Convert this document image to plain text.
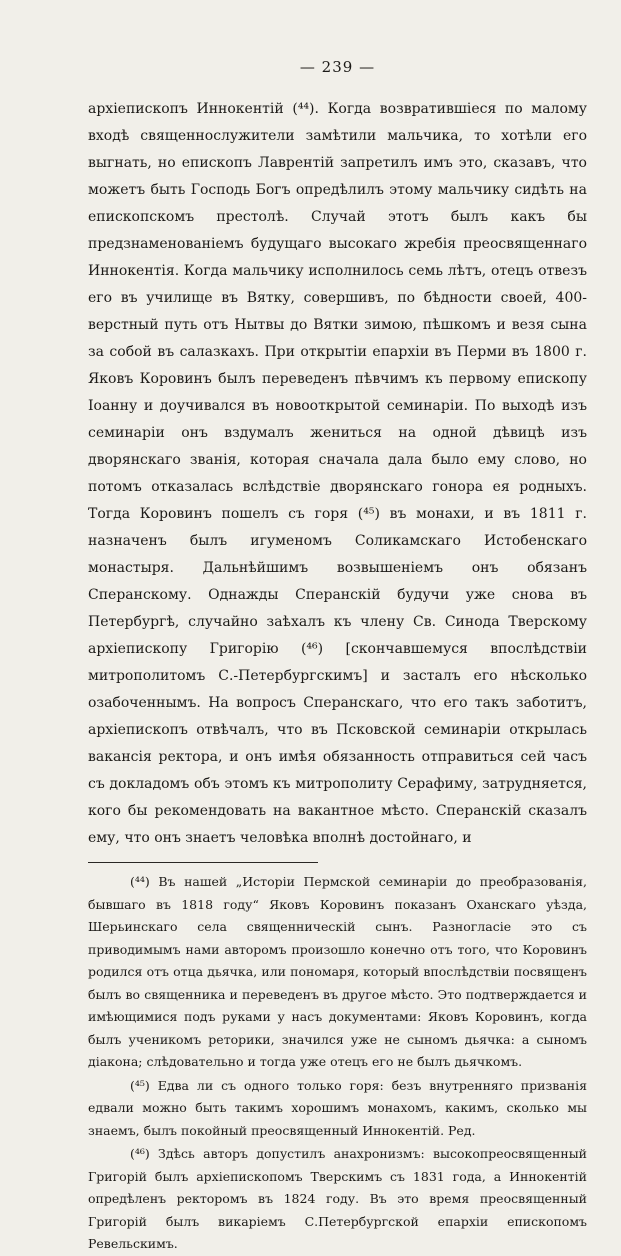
— 239 —

архіепископъ Иннокентій (⁴⁴). Когда возвратившіеся по малому входѣ священнослужители замѣтили мальчика, то хотѣли его выгнать, но епископъ Лаврентій запретилъ имъ это, сказавъ, что можетъ быть Господь Богъ опредѣлилъ этому мальчику сидѣть на епископскомъ престолѣ. Случай этотъ былъ какъ бы предзнаменованіемъ будущаго высокаго жребія преосвященнаго Иннокентія. Когда мальчику исполнилось семь лѣтъ, отецъ отвезъ его въ училище въ Вятку, совершивъ, по бѣдности своей, 400-верстный путь отъ Нытвы до Вятки зимою, пѣшкомъ и везя сына за собой въ салазкахъ. При открытіи епархіи въ Перми въ 1800 г. Яковъ Коровинъ былъ переведенъ пѣвчимъ къ первому епископу Іоанну и доучивался въ новооткрытой семинаріи. По выходѣ изъ семинаріи онъ вздумалъ жениться на одной дѣвицѣ изъ дворянскаго званія, которая сначала дала было ему слово, но потомъ отказалась вслѣдствіе дворянскаго гонора ея родныхъ. Тогда Коровинъ пошелъ съ горя (⁴⁵) въ монахи, и въ 1811 г. назначенъ былъ игуменомъ Соликамскаго Истобенскаго монастыря. Дальнѣйшимъ возвышеніемъ онъ обязанъ Сперанскому. Однажды Сперанскій будучи уже снова въ Петербургѣ, случайно заѣхалъ къ члену Св. Синода Тверскому архіепископу Григорію (⁴⁶) [скончавшемуся впослѣдствіи митрополитомъ С.-Петербургскимъ] и засталъ его нѣсколько озабоченнымъ. На вопросъ Сперанскаго, что его такъ заботитъ, архіепископъ отвѣчалъ, что въ Псковской семинаріи открылась вакансія ректора, и онъ имѣя обязанность отправиться сей часъ съ докладомъ объ этомъ къ митрополиту Серафиму, затрудняется, кого бы рекомендовать на вакантное мѣсто. Сперанскій сказалъ ему, что онъ знаетъ человѣка вполнѣ достойнаго, и

(⁴⁴) Въ нашей „Исторіи Пермской семинаріи до преобразованія, бывшаго въ 1818 году“ Яковъ Коровинъ показанъ Оханскаго уѣзда, Шерьинскаго села священническій сынъ. Разногласіе это съ приводимымъ нами авторомъ произошло конечно отъ того, что Коровинъ родился отъ отца дьячка, или пономаря, который впослѣдствіи посвященъ былъ во священника и переведенъ въ другое мѣсто. Это подтверждается и имѣющимися подъ руками у насъ документами: Яковъ Коровинъ, когда былъ ученикомъ реторики, значился уже не сыномъ дьячка: а сыномъ діакона; слѣдовательно и тогда уже отецъ его не былъ дьячкомъ.

(⁴⁵) Едва ли съ одного только горя: безъ внутренняго призванія едвали можно быть такимъ хорошимъ монахомъ, какимъ, сколько мы знаемъ, былъ покойный преосвященный Иннокентій. Ред.

(⁴⁶) Здѣсь авторъ допустилъ анахронизмъ: высокопреосвященный Григорій былъ архіепископомъ Тверскимъ съ 1831 года, а Иннокентій опредѣленъ ректоромъ въ 1824 году. Въ это время преосвященный Григорій былъ викаріемъ С.Петербургской епархіи епископомъ Ревельскимъ.
